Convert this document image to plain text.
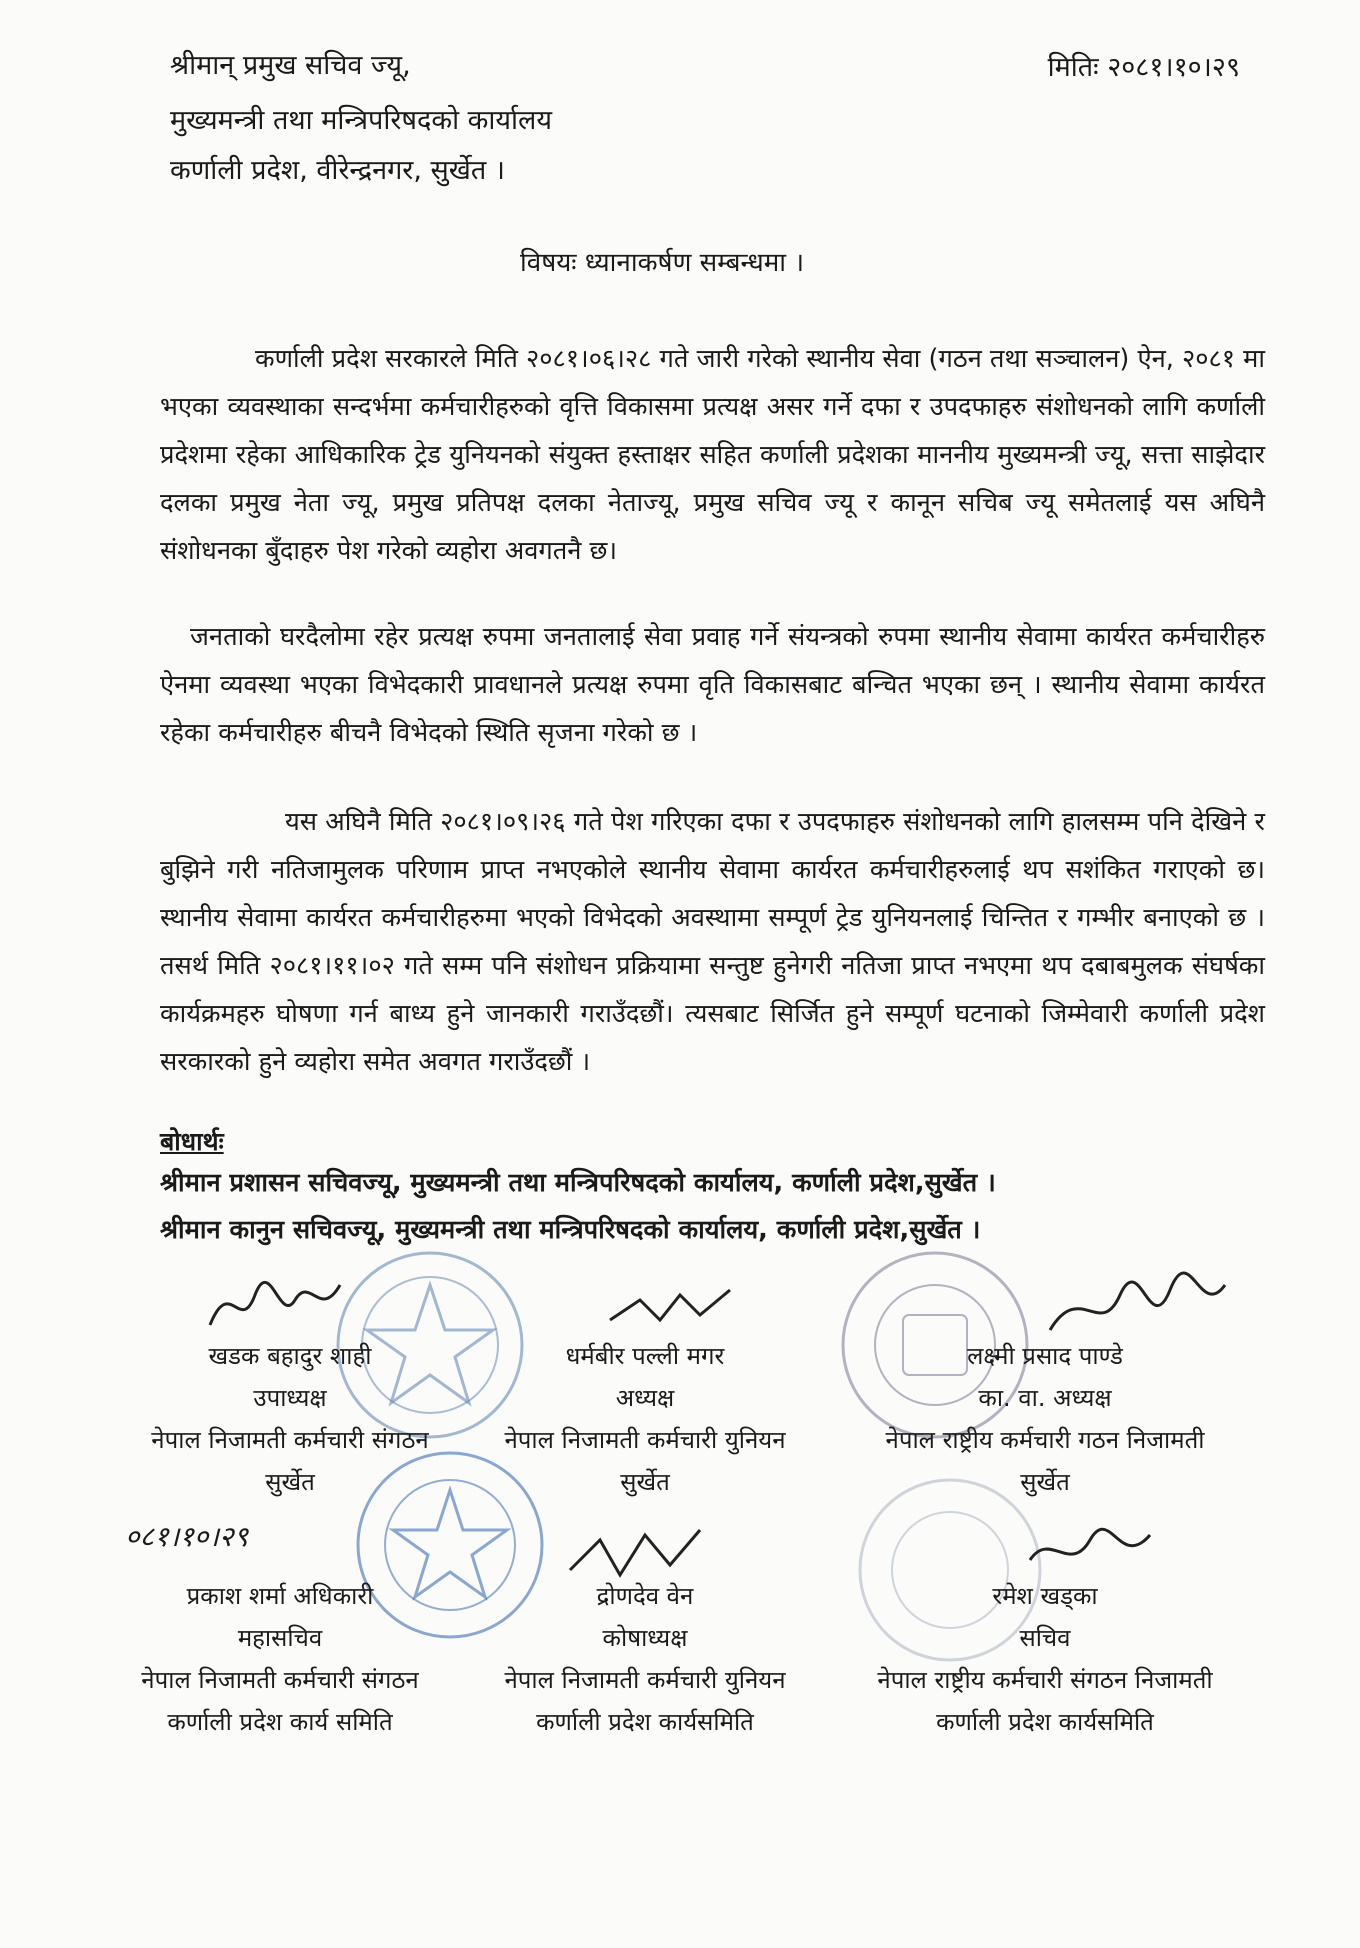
श्रीमान् प्रमुख सचिव ज्यू,
मुख्यमन्त्री तथा मन्त्रिपरिषदको कार्यालय
कर्णाली प्रदेश, वीरेन्द्रनगर, सुर्खेत ।
मितिः २०८१।१०।२९
विषयः ध्यानाकर्षण सम्बन्धमा ।

कर्णाली प्रदेश सरकारले मिति २०८१।०६।२८ गते जारी गरेको स्थानीय सेवा (गठन तथा सञ्चालन) ऐन, २०८१ मा भएका व्यवस्थाका सन्दर्भमा कर्मचारीहरुको वृत्ति विकासमा प्रत्यक्ष असर गर्ने दफा र उपदफाहरु संशोधनको लागि कर्णाली प्रदेशमा रहेका आधिकारिक ट्रेड युनियनको संयुक्त हस्ताक्षर सहित कर्णाली प्रदेशका माननीय मुख्यमन्त्री ज्यू, सत्ता साझेदार दलका प्रमुख नेता ज्यू, प्रमुख प्रतिपक्ष दलका नेताज्यू, प्रमुख सचिव ज्यू र कानून सचिब ज्यू समेतलाई यस अघिनै संशोधनका बुँदाहरु पेश गरेको व्यहोरा अवगतनै छ।

जनताको घरदैलोमा रहेर प्रत्यक्ष रुपमा जनतालाई सेवा प्रवाह गर्ने संयन्त्रको रुपमा स्थानीय सेवामा कार्यरत कर्मचारीहरु ऐनमा व्यवस्था भएका विभेदकारी प्रावधानले प्रत्यक्ष रुपमा वृति विकासबाट बन्चित भएका छन् । स्थानीय सेवामा कार्यरत रहेका कर्मचारीहरु बीचनै विभेदको स्थिति सृजना गरेको छ ।

यस अघिनै मिति २०८१।०९।२६ गते पेश गरिएका दफा र उपदफाहरु संशोधनको लागि हालसम्म पनि देखिने र बुझिने गरी नतिजामुलक परिणाम प्राप्त नभएकोले स्थानीय सेवामा कार्यरत कर्मचारीहरुलाई थप सशंकित गराएको छ। स्थानीय सेवामा कार्यरत कर्मचारीहरुमा भएको विभेदको अवस्थामा सम्पूर्ण ट्रेड युनियनलाई चिन्तित र गम्भीर बनाएको छ । तसर्थ मिति २०८१।११।०२ गते सम्म पनि संशोधन प्रक्रियामा सन्तुष्ट हुनेगरी नतिजा प्राप्त नभएमा थप दबाबमुलक संघर्षका कार्यक्रमहरु घोषणा गर्न बाध्य हुने जानकारी गराउँदछौं। त्यसबाट सिर्जित हुने सम्पूर्ण घटनाको जिम्मेवारी कर्णाली प्रदेश सरकारको हुने व्यहोरा समेत अवगत गराउँदछौं ।

बोधार्थः
श्रीमान प्रशासन सचिवज्यू, मुख्यमन्त्री तथा मन्त्रिपरिषदको कार्यालय, कर्णाली प्रदेश,सुर्खेत ।
श्रीमान कानुन सचिवज्यू, मुख्यमन्त्री तथा मन्त्रिपरिषदको कार्यालय, कर्णाली प्रदेश,सुर्खेत ।
०८१।१०।२९
खडक बहादुर शाही
उपाध्यक्ष
नेपाल निजामती कर्मचारी संगठन
सुर्खेत
धर्मबीर पल्ली मगर
अध्यक्ष
नेपाल निजामती कर्मचारी युनियन
सुर्खेत
लक्ष्मी प्रसाद पाण्डे
का. वा. अध्यक्ष
नेपाल राष्ट्रीय कर्मचारी गठन निजामती
सुर्खेत
प्रकाश शर्मा अधिकारी
महासचिव
नेपाल निजामती कर्मचारी संगठन
कर्णाली प्रदेश कार्य समिति
द्रोणदेव वेन
कोषाध्यक्ष
नेपाल निजामती कर्मचारी युनियन
कर्णाली प्रदेश कार्यसमिति
रमेश खड्का
सचिव
नेपाल राष्ट्रीय कर्मचारी संगठन निजामती
कर्णाली प्रदेश कार्यसमिति
